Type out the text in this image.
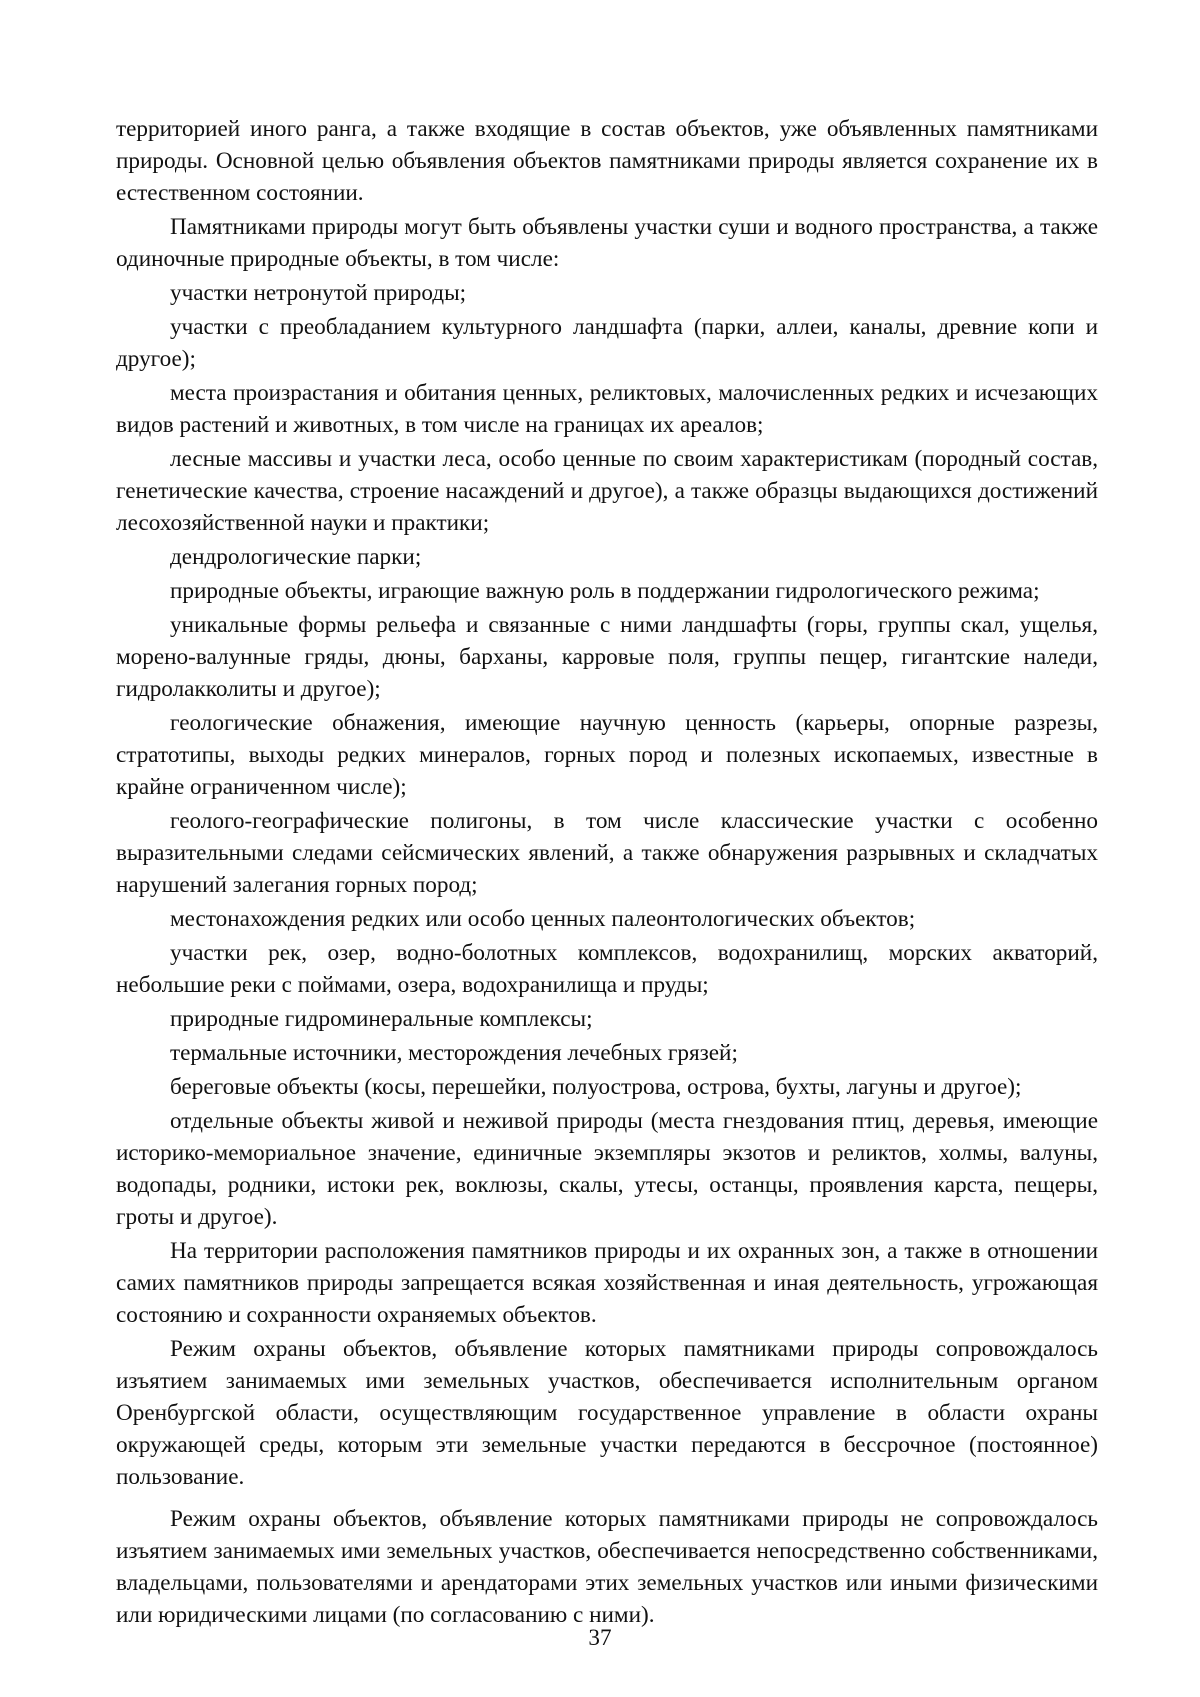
территорией иного ранга, а также входящие в состав объектов, уже объявленных памятниками природы. Основной целью объявления объектов памятниками природы является сохранение их в естественном состоянии.

Памятниками природы могут быть объявлены участки суши и водного пространства, а также одиночные природные объекты, в том числе:

участки нетронутой природы;

участки с преобладанием культурного ландшафта (парки, аллеи, каналы, древние копи и другое);

места произрастания и обитания ценных, реликтовых, малочисленных редких и исчезающих видов растений и животных, в том числе на границах их ареалов;

лесные массивы и участки леса, особо ценные по своим характеристикам (породный состав, генетические качества, строение насаждений и другое), а также образцы выдающихся достижений лесохозяйственной науки и практики;

дендрологические парки;

природные объекты, играющие важную роль в поддержании гидрологического режима;

уникальные формы рельефа и связанные с ними ландшафты (горы, группы скал, ущелья, морено-валунные гряды, дюны, барханы, карровые поля, группы пещер, гигантские наледи, гидролакколиты и другое);

геологические обнажения, имеющие научную ценность (карьеры, опорные разрезы, стратотипы, выходы редких минералов, горных пород и полезных ископаемых, известные в крайне ограниченном числе);

геолого-географические полигоны, в том числе классические участки с особенно выразительными следами сейсмических явлений, а также обнаружения разрывных и складчатых нарушений залегания горных пород;

местонахождения редких или особо ценных палеонтологических объектов;

участки рек, озер, водно-болотных комплексов, водохранилищ, морских акваторий, небольшие реки с поймами, озера, водохранилища и пруды;

природные гидроминеральные комплексы;

термальные источники, месторождения лечебных грязей;

береговые объекты (косы, перешейки, полуострова, острова, бухты, лагуны и другое);

отдельные объекты живой и неживой природы (места гнездования птиц, деревья, имеющие историко-мемориальное значение, единичные экземпляры экзотов и реликтов, холмы, валуны, водопады, родники, истоки рек, воклюзы, скалы, утесы, останцы, проявления карста, пещеры, гроты и другое).

На территории расположения памятников природы и их охранных зон, а также в отношении самих памятников природы запрещается всякая хозяйственная и иная деятельность, угрожающая состоянию и сохранности охраняемых объектов.

Режим охраны объектов, объявление которых памятниками природы сопровождалось изъятием занимаемых ими земельных участков, обеспечивается исполнительным органом Оренбургской области, осуществляющим государственное управление в области охраны окружающей среды, которым эти земельные участки передаются в бессрочное (постоянное) пользование.

Режим охраны объектов, объявление которых памятниками природы не сопровождалось изъятием занимаемых ими земельных участков, обеспечивается непосредственно собственниками, владельцами, пользователями и арендаторами этих земельных участков или иными физическими или юридическими лицами (по согласованию с ними).

37
